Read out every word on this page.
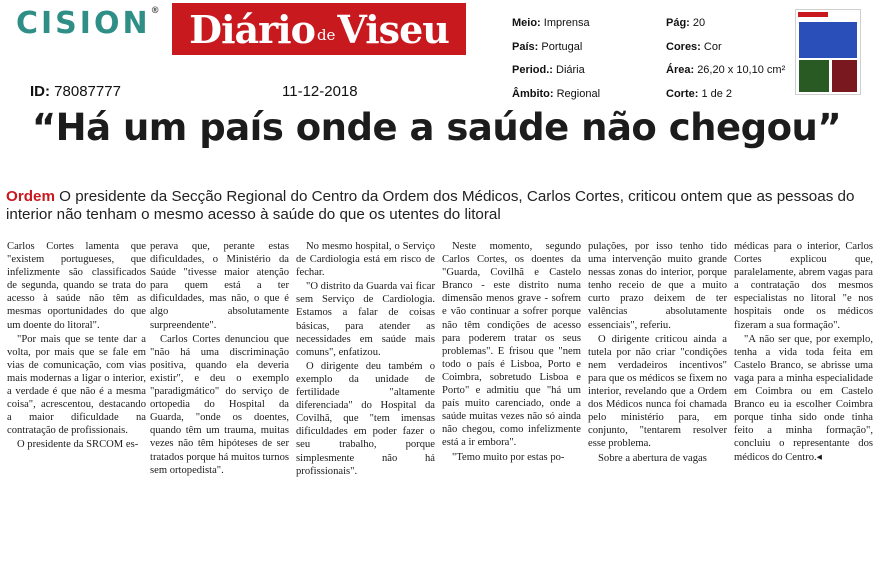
CISION® Diário de Viseu
ID: 78087777	11-12-2018
Meio: Imprensa
País: Portugal
Period.: Diária
Âmbito: Regional
Pág: 20
Cores: Cor
Área: 26,20 x 10,10 cm²
Corte: 1 de 2
“Há um país onde a saúde não chegou”
Ordem O presidente da Secção Regional do Centro da Ordem dos Médicos, Carlos Cortes, criticou ontem que as pessoas do interior não tenham o mesmo acesso à saúde do que os utentes do litoral

Carlos Cortes lamenta que "existem portugueses, que infelizmente são classificados de segunda, quando se trata do acesso à saúde não têm as mesmas oportunidades do que um doente do litoral".

"Por mais que se tente dar a volta, por mais que se fale em vias de comunicação, com vias mais modernas a ligar o interior, a verdade é que não é a mesma coisa", acrescentou, destacando a maior dificuldade na contratação de profissionais.

O presidente da SRCOM es-

perava que, perante estas dificuldades, o Ministério da Saúde "tivesse maior atenção para quem está a ter dificuldades, mas não, o que é algo absolutamente surpreendente".

Carlos Cortes denunciou que "não há uma discriminação positiva, quando ela deveria existir", e deu o exemplo "paradigmático" do serviço de ortopedia do Hospital da Guarda, "onde os doentes, quando têm um trauma, muitas vezes não têm hipóteses de ser tratados porque há muitos turnos sem ortopedista".

No mesmo hospital, o Serviço de Cardiologia está em risco de fechar.

"O distrito da Guarda vai ficar sem Serviço de Cardiologia. Estamos a falar de coisas básicas, para atender as necessidades em saúde mais comuns", enfatizou.

O dirigente deu também o exemplo da unidade de fertilidade "altamente diferenciada" do Hospital da Covilhã, que "tem imensas dificuldades em poder fazer o seu trabalho, porque simplesmente não há profissionais".

Neste momento, segundo Carlos Cortes, os doentes da "Guarda, Covilhã e Castelo Branco - este distrito numa dimensão menos grave - sofrem e vão continuar a sofrer porque não têm condições de acesso para poderem tratar os seus problemas". E frisou que "nem todo o país é Lisboa, Porto e Coimbra, sobretudo Lisboa e Porto" e admitiu que "há um país muito carenciado, onde a saúde muitas vezes não só ainda não chegou, como infelizmente está a ir embora".

"Temo muito por estas po-

pulações, por isso tenho tido uma intervenção muito grande nessas zonas do interior, porque tenho receio de que a muito curto prazo deixem de ter valências absolutamente essenciais", referiu.

O dirigente criticou ainda a tutela por não criar "condições nem verdadeiros incentivos" para que os médicos se fixem no interior, revelando que a Ordem dos Médicos nunca foi chamada pelo ministério para, em conjunto, "tentarem resolver esse problema.

Sobre a abertura de vagas

médicas para o interior, Carlos Cortes explicou que, paralelamente, abrem vagas para a contratação dos mesmos especialistas no litoral "e nos hospitais onde os médicos fizeram a sua formação".

"A não ser que, por exemplo, tenha a vida toda feita em Castelo Branco, se abrisse uma vaga para a minha especialidade em Coimbra ou em Castelo Branco eu ia escolher Coimbra porque tinha sido onde tinha feito a minha formação", concluiu o representante dos médicos do Centro.◂
